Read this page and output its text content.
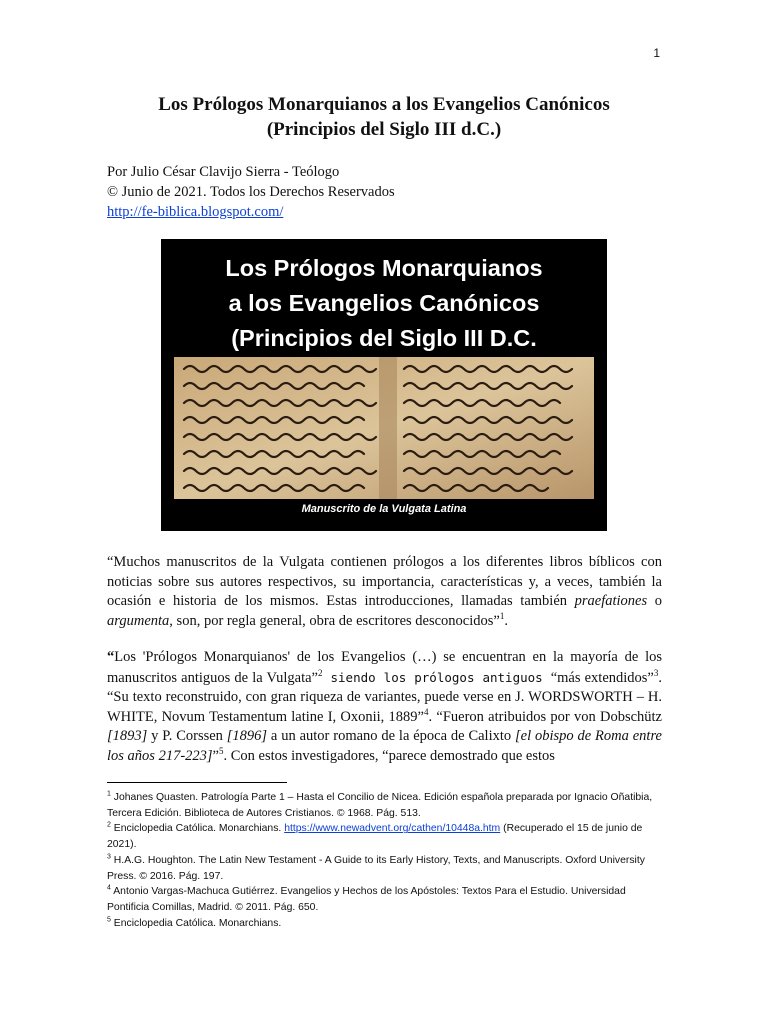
1
Los Prólogos Monarquianos a los Evangelios Canónicos
(Principios del Siglo III d.C.)
Por Julio César Clavijo Sierra - Teólogo
© Junio de 2021. Todos los Derechos Reservados
http://fe-biblica.blogspot.com/
Los Prólogos Monarquianos
a los Evangelios Canónicos
(Principios del Siglo III D.C.
Manuscrito de la Vulgata Latina

“Muchos manuscritos de la Vulgata contienen prólogos a los diferentes libros bíblicos con noticias sobre sus autores respectivos, su importancia, características y, a veces, también la ocasión e historia de los mismos. Estas introducciones, llamadas también praefationes o argumenta, son, por regla general, obra de escritores desconocidos”$^1$.

“Los 'Prólogos Monarquianos' de los Evangelios (…) se encuentran en la mayoría de los manuscritos antiguos de la Vulgata”$^2$ siendo los prólogos antiguos “más extendidos”$^3$. “Su texto reconstruido, con gran riqueza de variantes, puede verse en J. WORDSWORTH – H. WHITE, Novum Testamentum latine I, Oxonii, 1889”$^4$. “Fueron atribuidos por von Dobschütz [1893] y P. Corssen [1896] a un autor romano de la época de Calixto [el obispo de Roma entre los años 217-223]”$^5$. Con estos investigadores, “parece demostrado que estos

$^1$ Johanes Quasten. Patrología Parte 1 – Hasta el Concilio de Nicea. Edición española preparada por Ignacio Oñatibia, Tercera Edición. Biblioteca de Autores Cristianos. © 1968. Pág. 513.

$^2$ Enciclopedia Católica. Monarchians. https://www.newadvent.org/cathen/10448a.htm (Recuperado el 15 de junio de 2021).

$^3$ H.A.G. Houghton. The Latin New Testament - A Guide to its Early History, Texts, and Manuscripts. Oxford University Press. © 2016. Pág. 197.

$^4$ Antonio Vargas-Machuca Gutiérrez. Evangelios y Hechos de los Apóstoles: Textos Para el Estudio. Universidad Pontificia Comillas, Madrid. © 2011. Pág. 650.

$^5$ Enciclopedia Católica. Monarchians.
